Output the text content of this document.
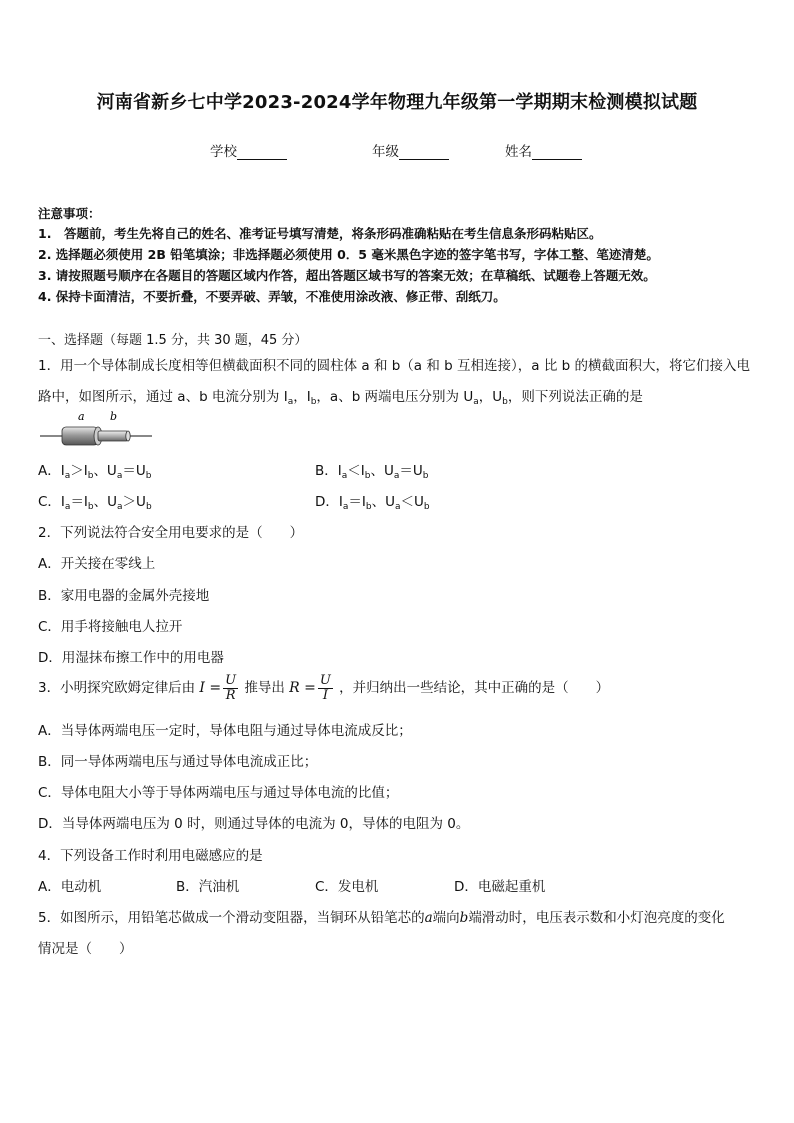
河南省新乡七中学2023-2024学年物理九年级第一学期期末检测模拟试题
学校	年级	姓名
注意事项：
1.　答题前，考生先将自己的姓名、准考证号填写清楚，将条形码准确粘贴在考生信息条形码粘贴区。
2. 选择题必须使用 2B 铅笔填涂；非选择题必须使用 0．5 毫米黑色字迹的签字笔书写，字体工整、笔迹清楚。
3. 请按照题号顺序在各题目的答题区域内作答，超出答题区域书写的答案无效；在草稿纸、试题卷上答题无效。
4. 保持卡面清洁，不要折叠，不要弄破、弄皱，不准使用涂改液、修正带、刮纸刀。
一、选择题（每题 1.5 分，共 30 题，45 分）
1．用一个导体制成长度相等但横截面积不同的圆柱体 a 和 b（a 和 b 互相连接），a 比 b 的横截面积大，将它们接入电
路中，如图所示，通过 a、b 电流分别为 $I_a$，$I_b$，a、b 两端电压分别为 $U_a$，$U_b$，则下列说法正确的是
a b
A．$I_a>I_b$、$U_a=U_b$	B．$I_a<I_b$、$U_a=U_b$
C．$I_a=I_b$、$U_a>U_b$	D．$I_a=I_b$、$U_a<U_b$
2．下列说法符合安全用电要求的是（　　）
A．开关接在零线上
B．家用电器的金属外壳接地
C．用手将接触电人拉开
D．用湿抹布擦工作中的用电器
3．小明探究欧姆定律后由 $I = \frac{U}{R}$ 推导出 $R = \frac{U}{I}$ ，并归纳出一些结论，其中正确的是（　　）
A．当导体两端电压一定时，导体电阻与通过导体电流成反比；
B．同一导体两端电压与通过导体电流成正比；
C．导体电阻大小等于导体两端电压与通过导体电流的比值；
D．当导体两端电压为 0 时，则通过导体的电流为 0，导体的电阻为 0。
4．下列设备工作时利用电磁感应的是
A．电动机	B．汽油机	C．发电机	D．电磁起重机
5．如图所示，用铅笔芯做成一个滑动变阻器，当铜环从铅笔芯的a端向b端滑动时，电压表示数和小灯泡亮度的变化
情况是（　　）
